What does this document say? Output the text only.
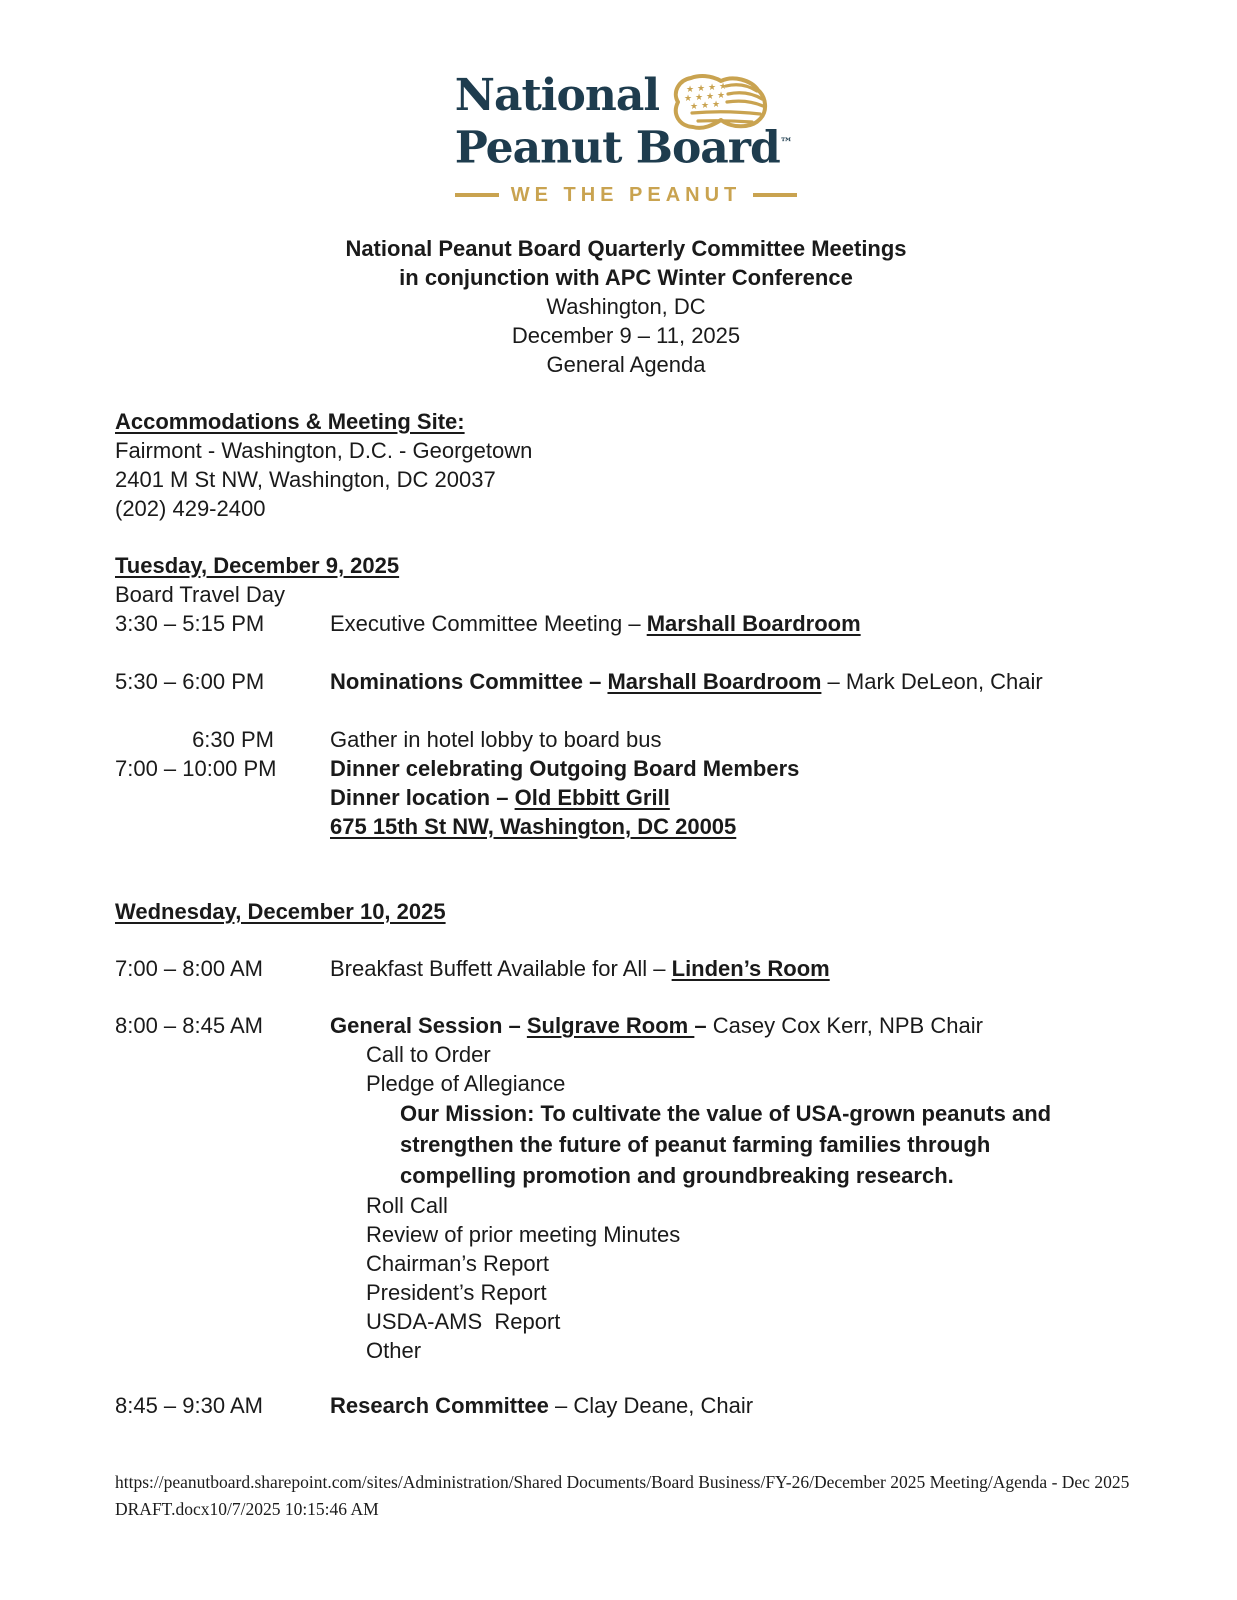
National	★ ★ ★ ★
★ ★ ★ ★
★ ★ ★
Peanut Board™
WE THE PEANUT
National Peanut Board Quarterly Committee Meetings
in conjunction with APC Winter Conference
Washington, DC
December 9 – 11, 2025
General Agenda
Accommodations & Meeting Site:
Fairmont - Washington, D.C. - Georgetown
2401 M St NW, Washington, DC 20037
(202) 429-2400
Tuesday, December 9, 2025
Board Travel Day
3:30 – 5:15 PM	Executive Committee Meeting – Marshall Boardroom
5:30 – 6:00 PM	Nominations Committee – Marshall Boardroom – Mark DeLeon, Chair
6:30 PM	Gather in hotel lobby to board bus
7:00 – 10:00 PM	Dinner celebrating Outgoing Board Members
Dinner location – Old Ebbitt Grill
675 15th St NW, Washington, DC 20005
Wednesday, December 10, 2025
7:00 – 8:00 AM	Breakfast Buffett Available for All – Linden’s Room
8:00 – 8:45 AM	General Session – Sulgrave Room – Casey Cox Kerr, NPB Chair
Call to Order
Pledge of Allegiance
Our Mission: To cultivate the value of USA-grown peanuts and strengthen the future of peanut farming families through compelling promotion and groundbreaking research.
Roll Call
Review of prior meeting Minutes
Chairman’s Report
President’s Report
USDA-AMS  Report
Other
8:45 – 9:30 AM	Research Committee – Clay Deane, Chair
https://peanutboard.sharepoint.com/sites/Administration/Shared Documents/Board Business/FY-26/December 2025 Meeting/Agenda - Dec 2025 DRAFT.docx10/7/2025 10:15:46 AM
